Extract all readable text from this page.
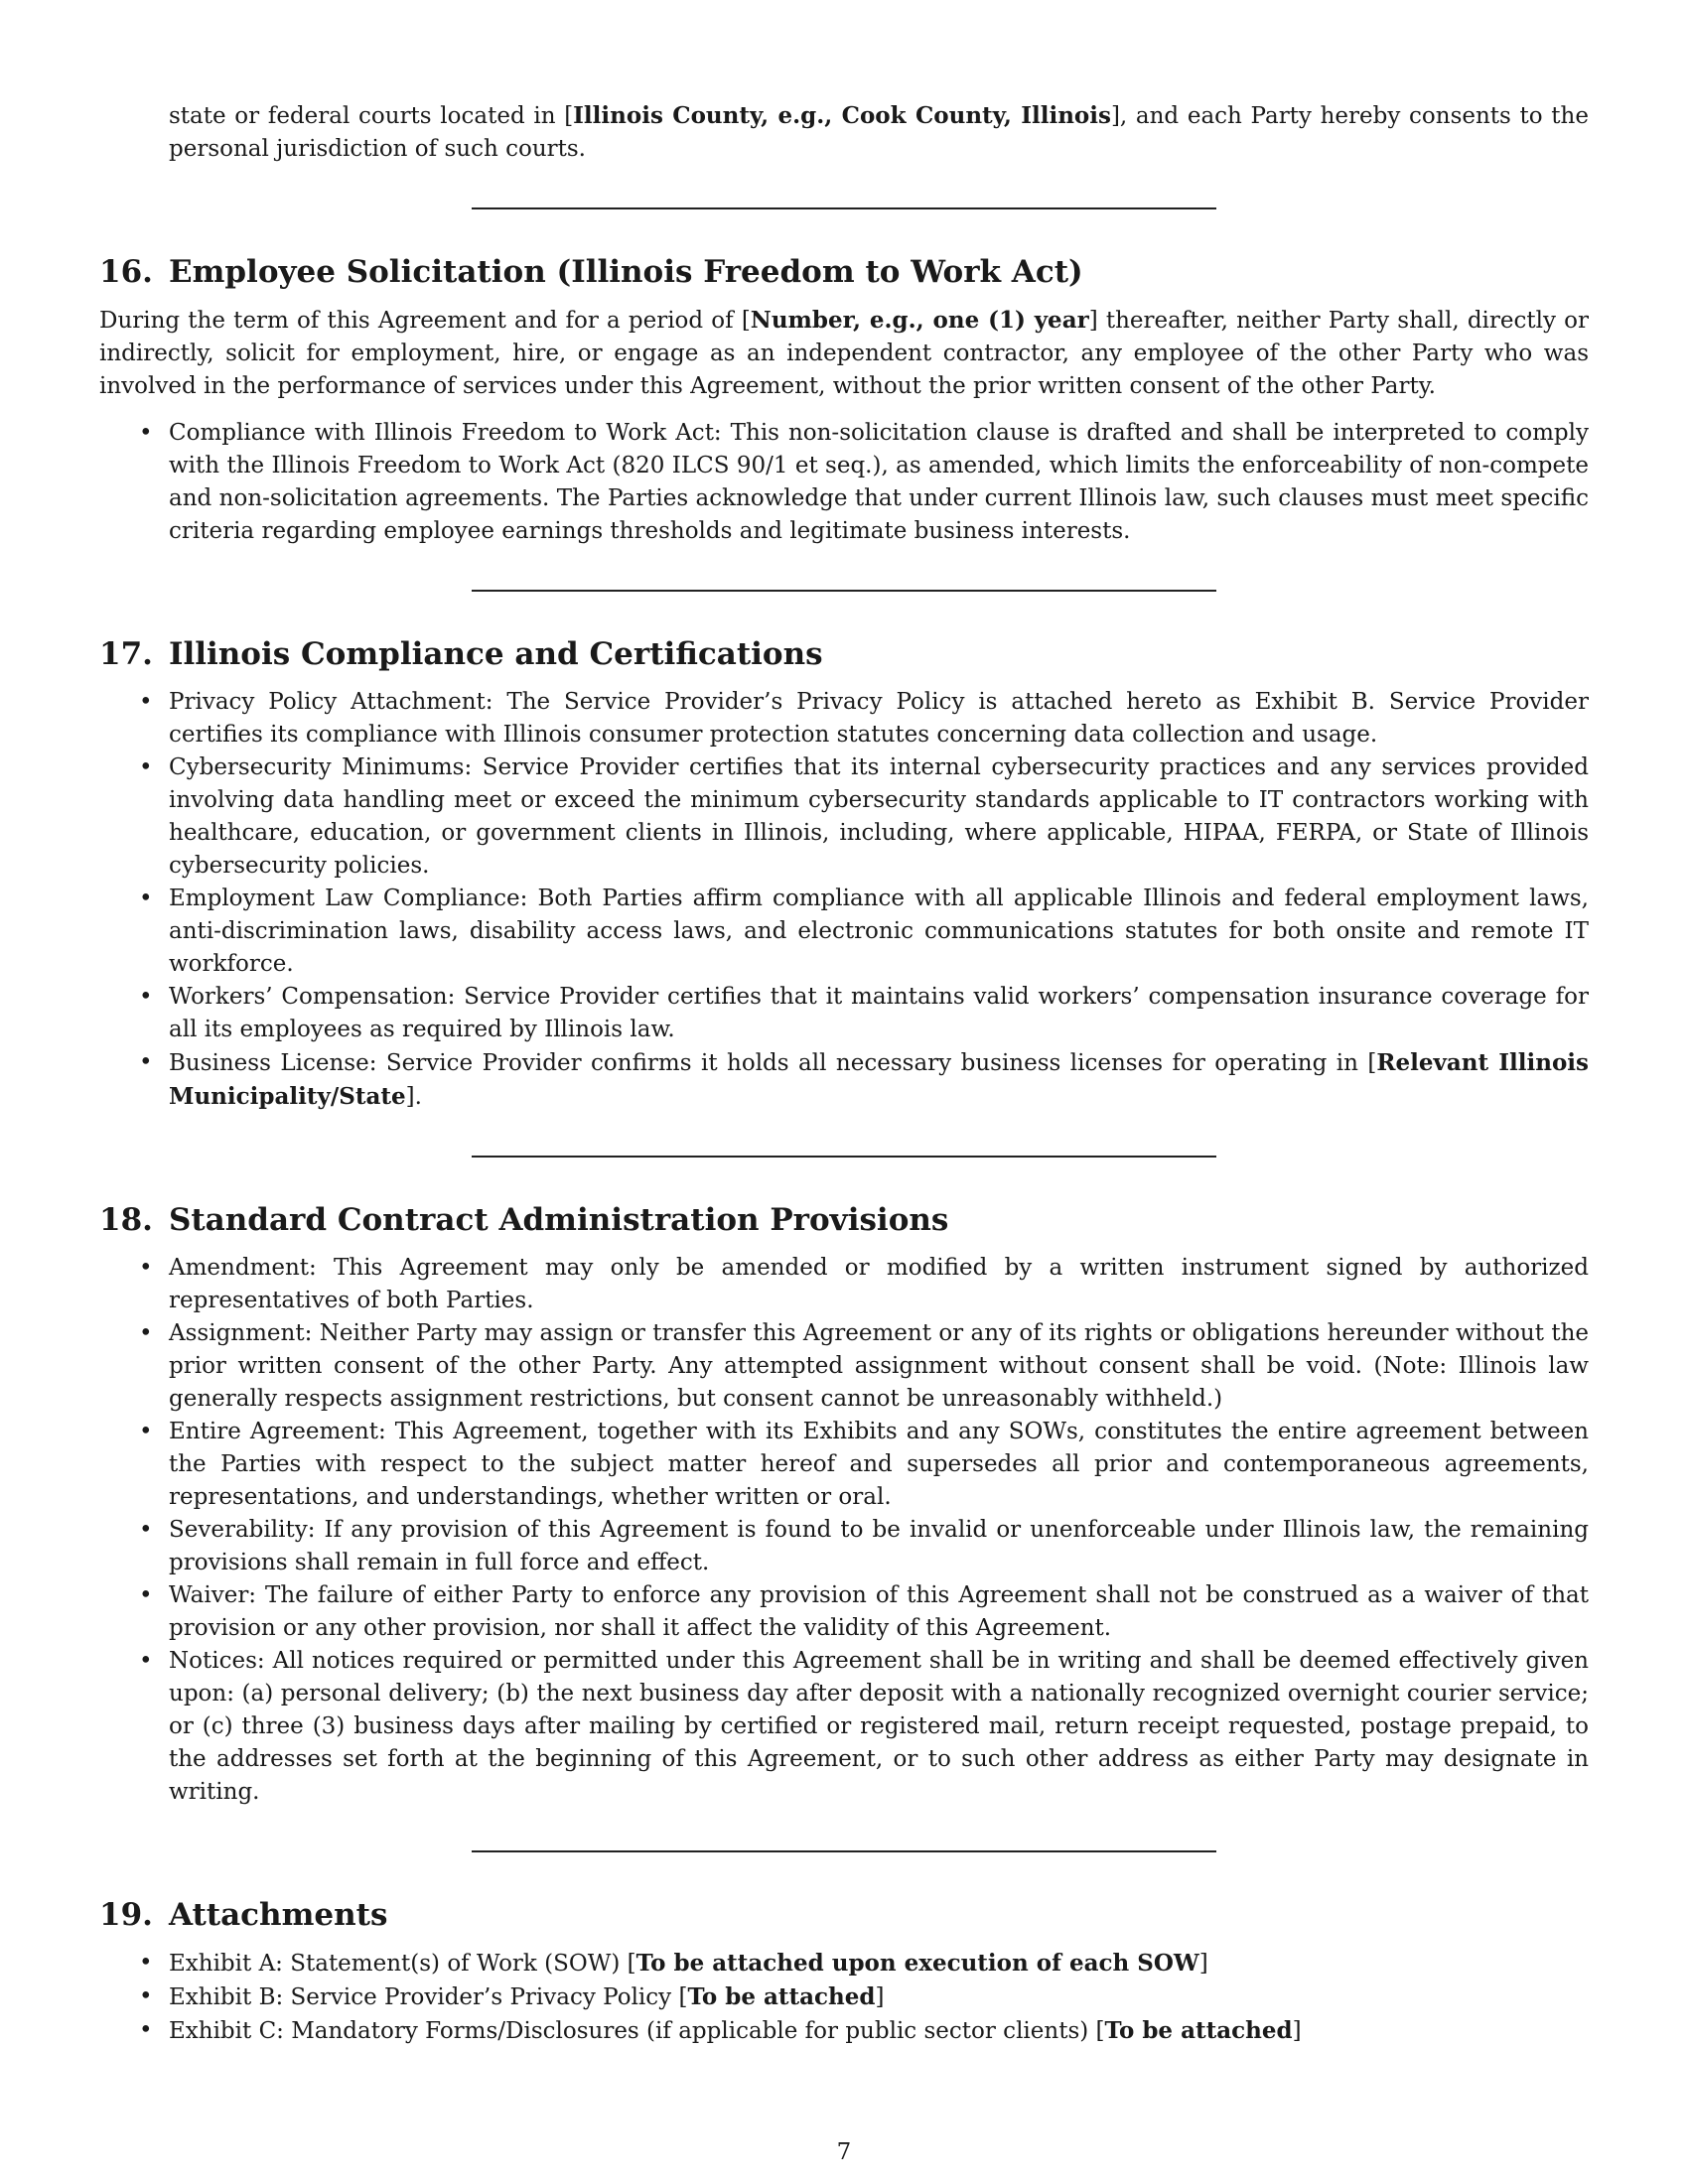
state or federal courts located in [Illinois County, e.g., Cook County, Illinois], and each Party hereby consents to the personal jurisdiction of such courts.

16. Employee Solicitation (Illinois Freedom to Work Act)

During the term of this Agreement and for a period of [Number, e.g., one (1) year] thereafter, neither Party shall, directly or indirectly, solicit for employment, hire, or engage as an independent contractor, any employee of the other Party who was involved in the performance of services under this Agreement, without the prior written consent of the other Party.

• Compliance with Illinois Freedom to Work Act: This non-solicitation clause is drafted and shall be interpreted to comply with the Illinois Freedom to Work Act (820 ILCS 90/1 et seq.), as amended, which limits the enforceability of non-compete and non-solicitation agreements. The Parties acknowledge that under current Illinois law, such clauses must meet specific criteria regarding employee earnings thresholds and legitimate business interests.
17. Illinois Compliance and Certifications
• Privacy Policy Attachment: The Service Provider’s Privacy Policy is attached hereto as Exhibit B. Service Provider certifies its compliance with Illinois consumer protection statutes concerning data collection and usage.
• Cybersecurity Minimums: Service Provider certifies that its internal cybersecurity practices and any services provided involving data handling meet or exceed the minimum cybersecurity standards applicable to IT contractors working with healthcare, education, or government clients in Illinois, including, where applicable, HIPAA, FERPA, or State of Illinois cybersecurity policies.
• Employment Law Compliance: Both Parties affirm compliance with all applicable Illinois and federal employment laws, anti-discrimination laws, disability access laws, and electronic communications statutes for both onsite and remote IT workforce.
• Workers’ Compensation: Service Provider certifies that it maintains valid workers’ compensation insurance coverage for all its employees as required by Illinois law.
• Business License: Service Provider confirms it holds all necessary business licenses for operating in [Relevant Illinois Municipality/State].
18. Standard Contract Administration Provisions
• Amendment: This Agreement may only be amended or modified by a written instrument signed by authorized representatives of both Parties.
• Assignment: Neither Party may assign or transfer this Agreement or any of its rights or obligations hereunder without the prior written consent of the other Party. Any attempted assignment without consent shall be void. (Note: Illinois law generally respects assignment restrictions, but consent cannot be unreasonably withheld.)
• Entire Agreement: This Agreement, together with its Exhibits and any SOWs, constitutes the entire agreement between the Parties with respect to the subject matter hereof and supersedes all prior and contemporaneous agreements, representations, and understandings, whether written or oral.
• Severability: If any provision of this Agreement is found to be invalid or unenforceable under Illinois law, the remaining provisions shall remain in full force and effect.
• Waiver: The failure of either Party to enforce any provision of this Agreement shall not be construed as a waiver of that provision or any other provision, nor shall it affect the validity of this Agreement.
• Notices: All notices required or permitted under this Agreement shall be in writing and shall be deemed effectively given upon: (a) personal delivery; (b) the next business day after deposit with a nationally recognized overnight courier service; or (c) three (3) business days after mailing by certified or registered mail, return receipt requested, postage prepaid, to the addresses set forth at the beginning of this Agreement, or to such other address as either Party may designate in writing.
19. Attachments
• Exhibit A: Statement(s) of Work (SOW) [To be attached upon execution of each SOW]
• Exhibit B: Service Provider’s Privacy Policy [To be attached]
• Exhibit C: Mandatory Forms/Disclosures (if applicable for public sector clients) [To be attached]
7
